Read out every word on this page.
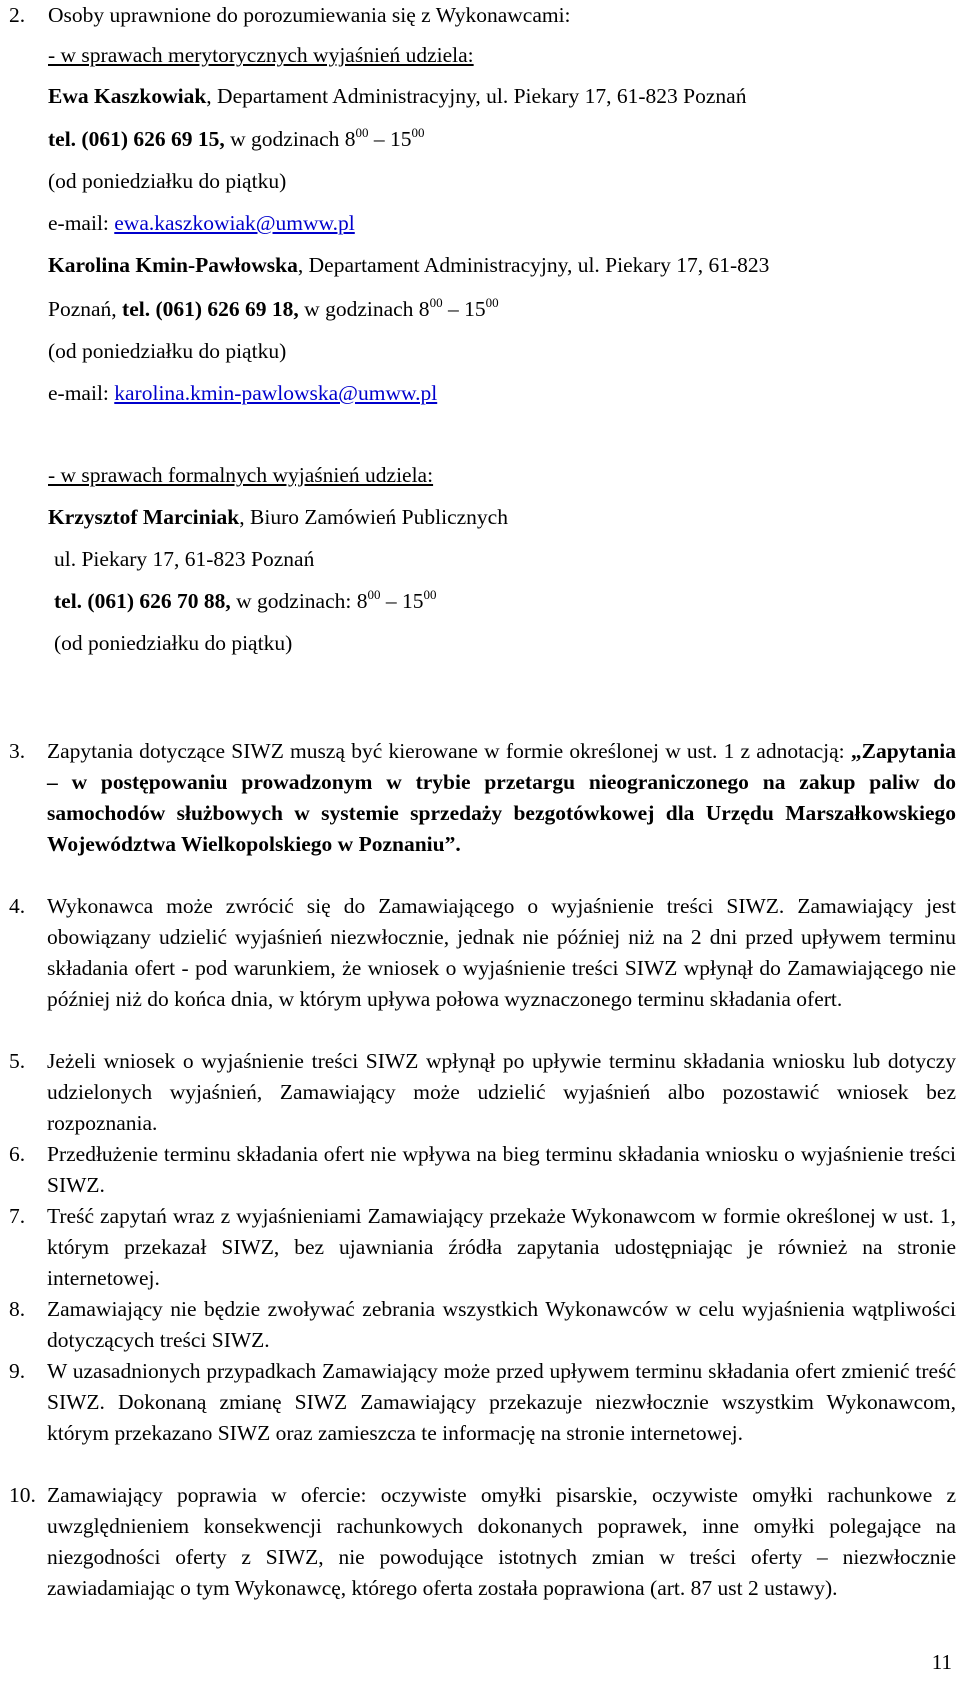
2. Osoby uprawnione do porozumiewania się z Wykonawcami:
- w sprawach merytorycznych wyjaśnień udziela:
Ewa Kaszkowiak, Departament Administracyjny, ul. Piekary 17, 61-823 Poznań
tel. (061) 626 69 15, w godzinach $8^{00} - 15^{00}$
(od poniedziałku do piątku)
e-mail: ewa.kaszkowiak@umww.pl
Karolina Kmin-Pawłowska, Departament Administracyjny, ul. Piekary 17, 61-823
Poznań, tel. (061) 626 69 18, w godzinach $8^{00} - 15^{00}$
(od poniedziałku do piątku)
e-mail: karolina.kmin-pawlowska@umww.pl
- w sprawach formalnych wyjaśnień udziela:
Krzysztof Marciniak, Biuro Zamówień Publicznych
ul. Piekary 17, 61-823 Poznań
tel. (061) 626 70 88, w godzinach: $8^{00} - 15^{00}$
(od poniedziałku do piątku)
3. Zapytania dotyczące SIWZ muszą być kierowane w formie określonej w ust. 1 z adnotacją: „Zapytania – w postępowaniu prowadzonym w trybie przetargu nieograniczonego na zakup paliw do samochodów służbowych w systemie sprzedaży bezgotówkowej dla Urzędu Marszałkowskiego Województwa Wielkopolskiego w Poznaniu”.

4. Wykonawca może zwrócić się do Zamawiającego o wyjaśnienie treści SIWZ. Zamawiający jest obowiązany udzielić wyjaśnień niezwłocznie, jednak nie później niż na 2 dni przed upływem terminu składania ofert - pod warunkiem, że wniosek o wyjaśnienie treści SIWZ wpłynął do Zamawiającego nie później niż do końca dnia, w którym upływa połowa wyznaczonego terminu składania ofert.

5. Jeżeli wniosek o wyjaśnienie treści SIWZ wpłynął po upływie terminu składania wniosku lub dotyczy udzielonych wyjaśnień, Zamawiający może udzielić wyjaśnień albo pozostawić wniosek bez rozpoznania.

6. Przedłużenie terminu składania ofert nie wpływa na bieg terminu składania wniosku o wyjaśnienie treści SIWZ.

7. Treść zapytań wraz z wyjaśnieniami Zamawiający przekaże Wykonawcom w formie określonej w ust. 1, którym przekazał SIWZ, bez ujawniania źródła zapytania udostępniając je również na stronie internetowej.

8. Zamawiający nie będzie zwoływać zebrania wszystkich Wykonawców w celu wyjaśnienia wątpliwości dotyczących treści SIWZ.

9. W uzasadnionych przypadkach Zamawiający może przed upływem terminu składania ofert zmienić treść SIWZ. Dokonaną zmianę SIWZ Zamawiający przekazuje niezwłocznie wszystkim Wykonawcom, którym przekazano SIWZ oraz zamieszcza te informację na stronie internetowej.

10. Zamawiający poprawia w ofercie: oczywiste omyłki pisarskie, oczywiste omyłki rachunkowe z uwzględnieniem konsekwencji rachunkowych dokonanych poprawek, inne omyłki polegające na niezgodności oferty z SIWZ, nie powodujące istotnych zmian w treści oferty – niezwłocznie zawiadamiając o tym Wykonawcę, którego oferta została poprawiona (art. 87 ust 2 ustawy).

11
